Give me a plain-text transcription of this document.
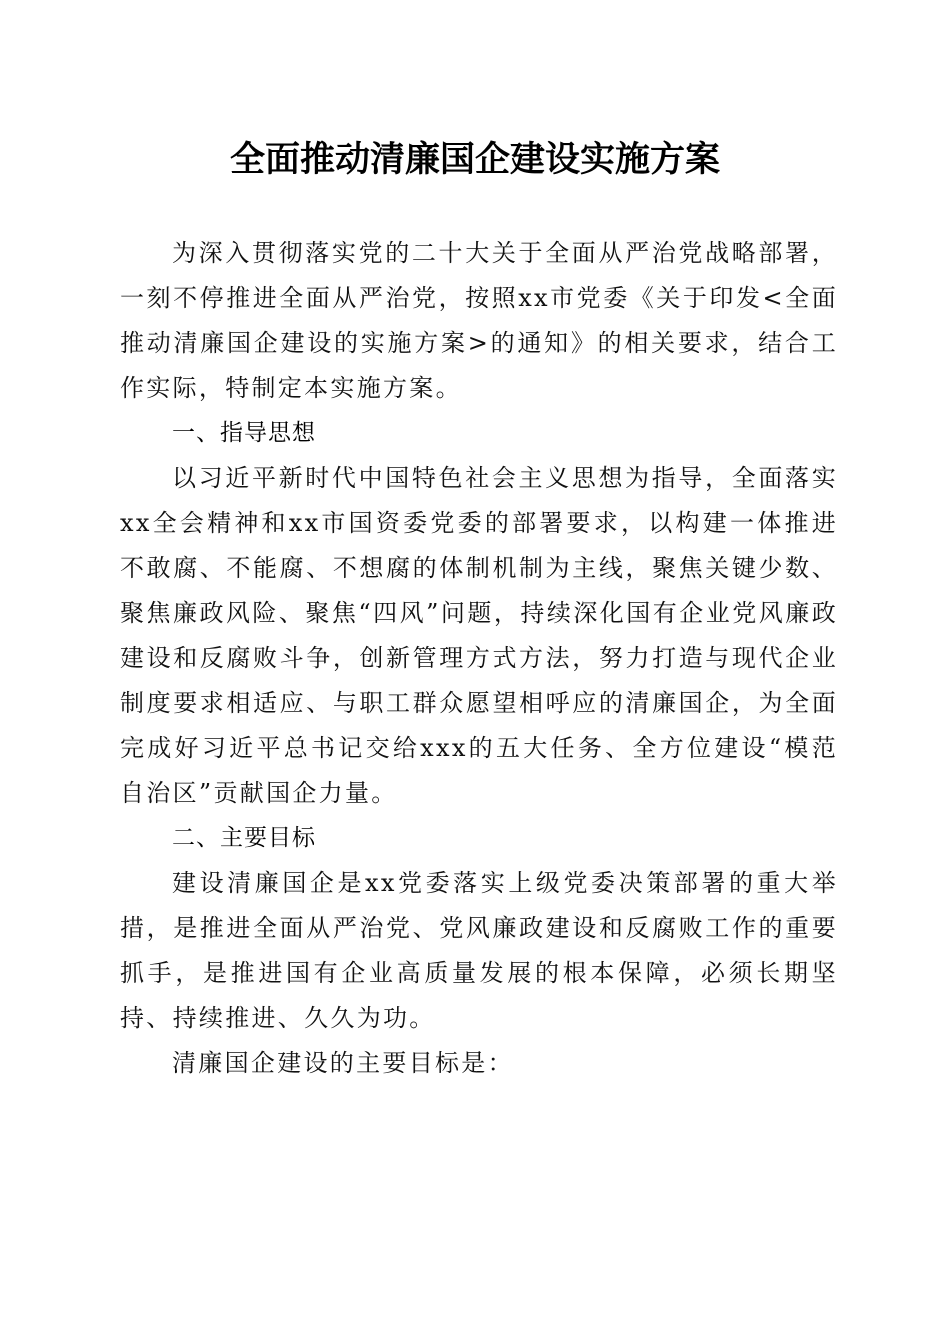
全面推动清廉国企建设实施方案

为深入贯彻落实党的二十大关于全面从严治党战略部署，一刻不停推进全面从严治党，按照xx市党委《关于印发<全面推动清廉国企建设的实施方案>的通知》的相关要求，结合工作实际，特制定本实施方案。

一、指导思想

以习近平新时代中国特色社会主义思想为指导，全面落实xx全会精神和xx市国资委党委的部署要求，以构建一体推进不敢腐、不能腐、不想腐的体制机制为主线，聚焦关键少数、聚焦廉政风险、聚焦“四风”问题，持续深化国有企业党风廉政建设和反腐败斗争，创新管理方式方法，努力打造与现代企业制度要求相适应、与职工群众愿望相呼应的清廉国企，为全面完成好习近平总书记交给xxx的五大任务、全方位建设“模范自治区”贡献国企力量。

二、主要目标

建设清廉国企是xx党委落实上级党委决策部署的重大举措，是推进全面从严治党、党风廉政建设和反腐败工作的重要抓手，是推进国有企业高质量发展的根本保障，必须长期坚持、持续推进、久久为功。

清廉国企建设的主要目标是：
